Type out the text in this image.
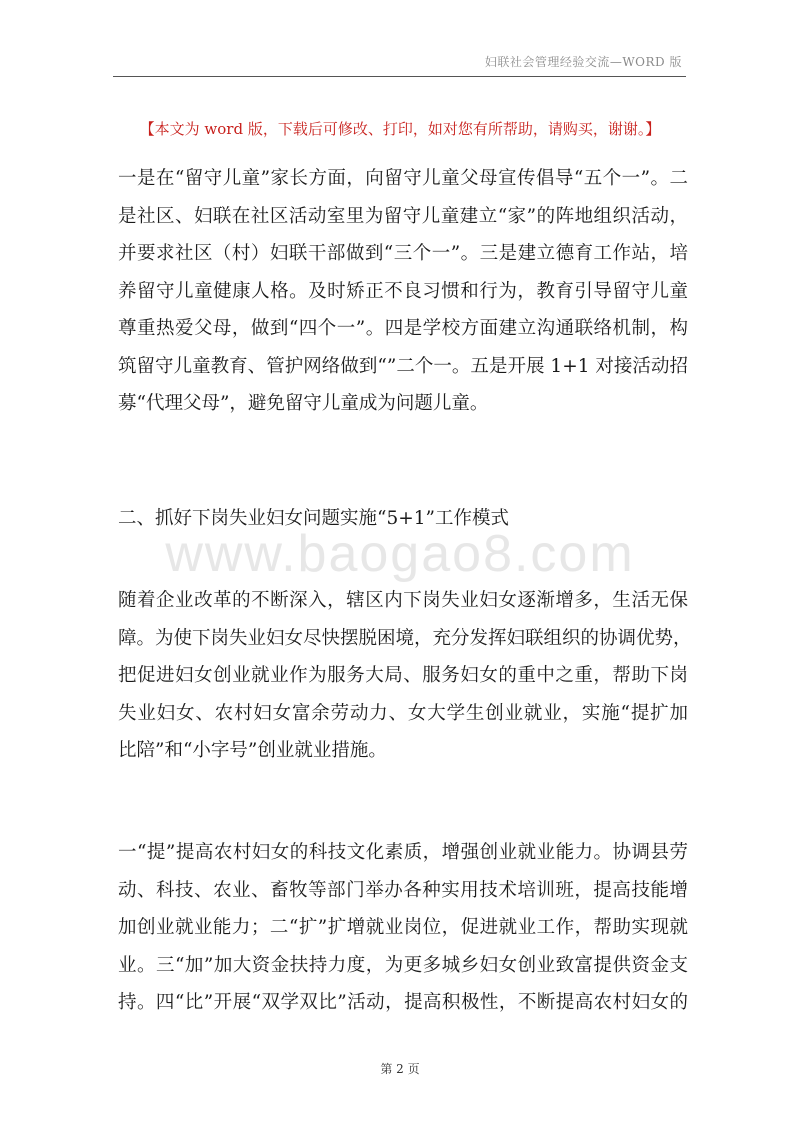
妇联社会管理经验交流—WORD 版
【本文为 word 版，下载后可修改、打印，如对您有所帮助，请购买，谢谢。】
一是在“留守儿童”家长方面，向留守儿童父母宣传倡导“五个一”。二
是社区、妇联在社区活动室里为留守儿童建立“家”的阵地组织活动，
并要求社区（村）妇联干部做到“三个一”。三是建立德育工作站，培
养留守儿童健康人格。及时矫正不良习惯和行为，教育引导留守儿童
尊重热爱父母，做到“四个一”。四是学校方面建立沟通联络机制，构
筑留守儿童教育、管护网络做到“”二个一。五是开展 1+1 对接活动招
募“代理父母”，避免留守儿童成为问题儿童。
二、抓好下岗失业妇女问题实施“5+1”工作模式
www.baogao8.com
随着企业改革的不断深入，辖区内下岗失业妇女逐渐增多，生活无保
障。为使下岗失业妇女尽快摆脱困境，充分发挥妇联组织的协调优势，
把促进妇女创业就业作为服务大局、服务妇女的重中之重，帮助下岗
失业妇女、农村妇女富余劳动力、女大学生创业就业，实施“提扩加
比陪”和“小字号”创业就业措施。
一“提”提高农村妇女的科技文化素质，增强创业就业能力。协调县劳
动、科技、农业、畜牧等部门举办各种实用技术培训班，提高技能增
加创业就业能力；二“扩”扩增就业岗位，促进就业工作，帮助实现就
业。三“加”加大资金扶持力度，为更多城乡妇女创业致富提供资金支
持。四“比”开展“双学双比”活动，提高积极性，不断提高农村妇女的
第 2 页
